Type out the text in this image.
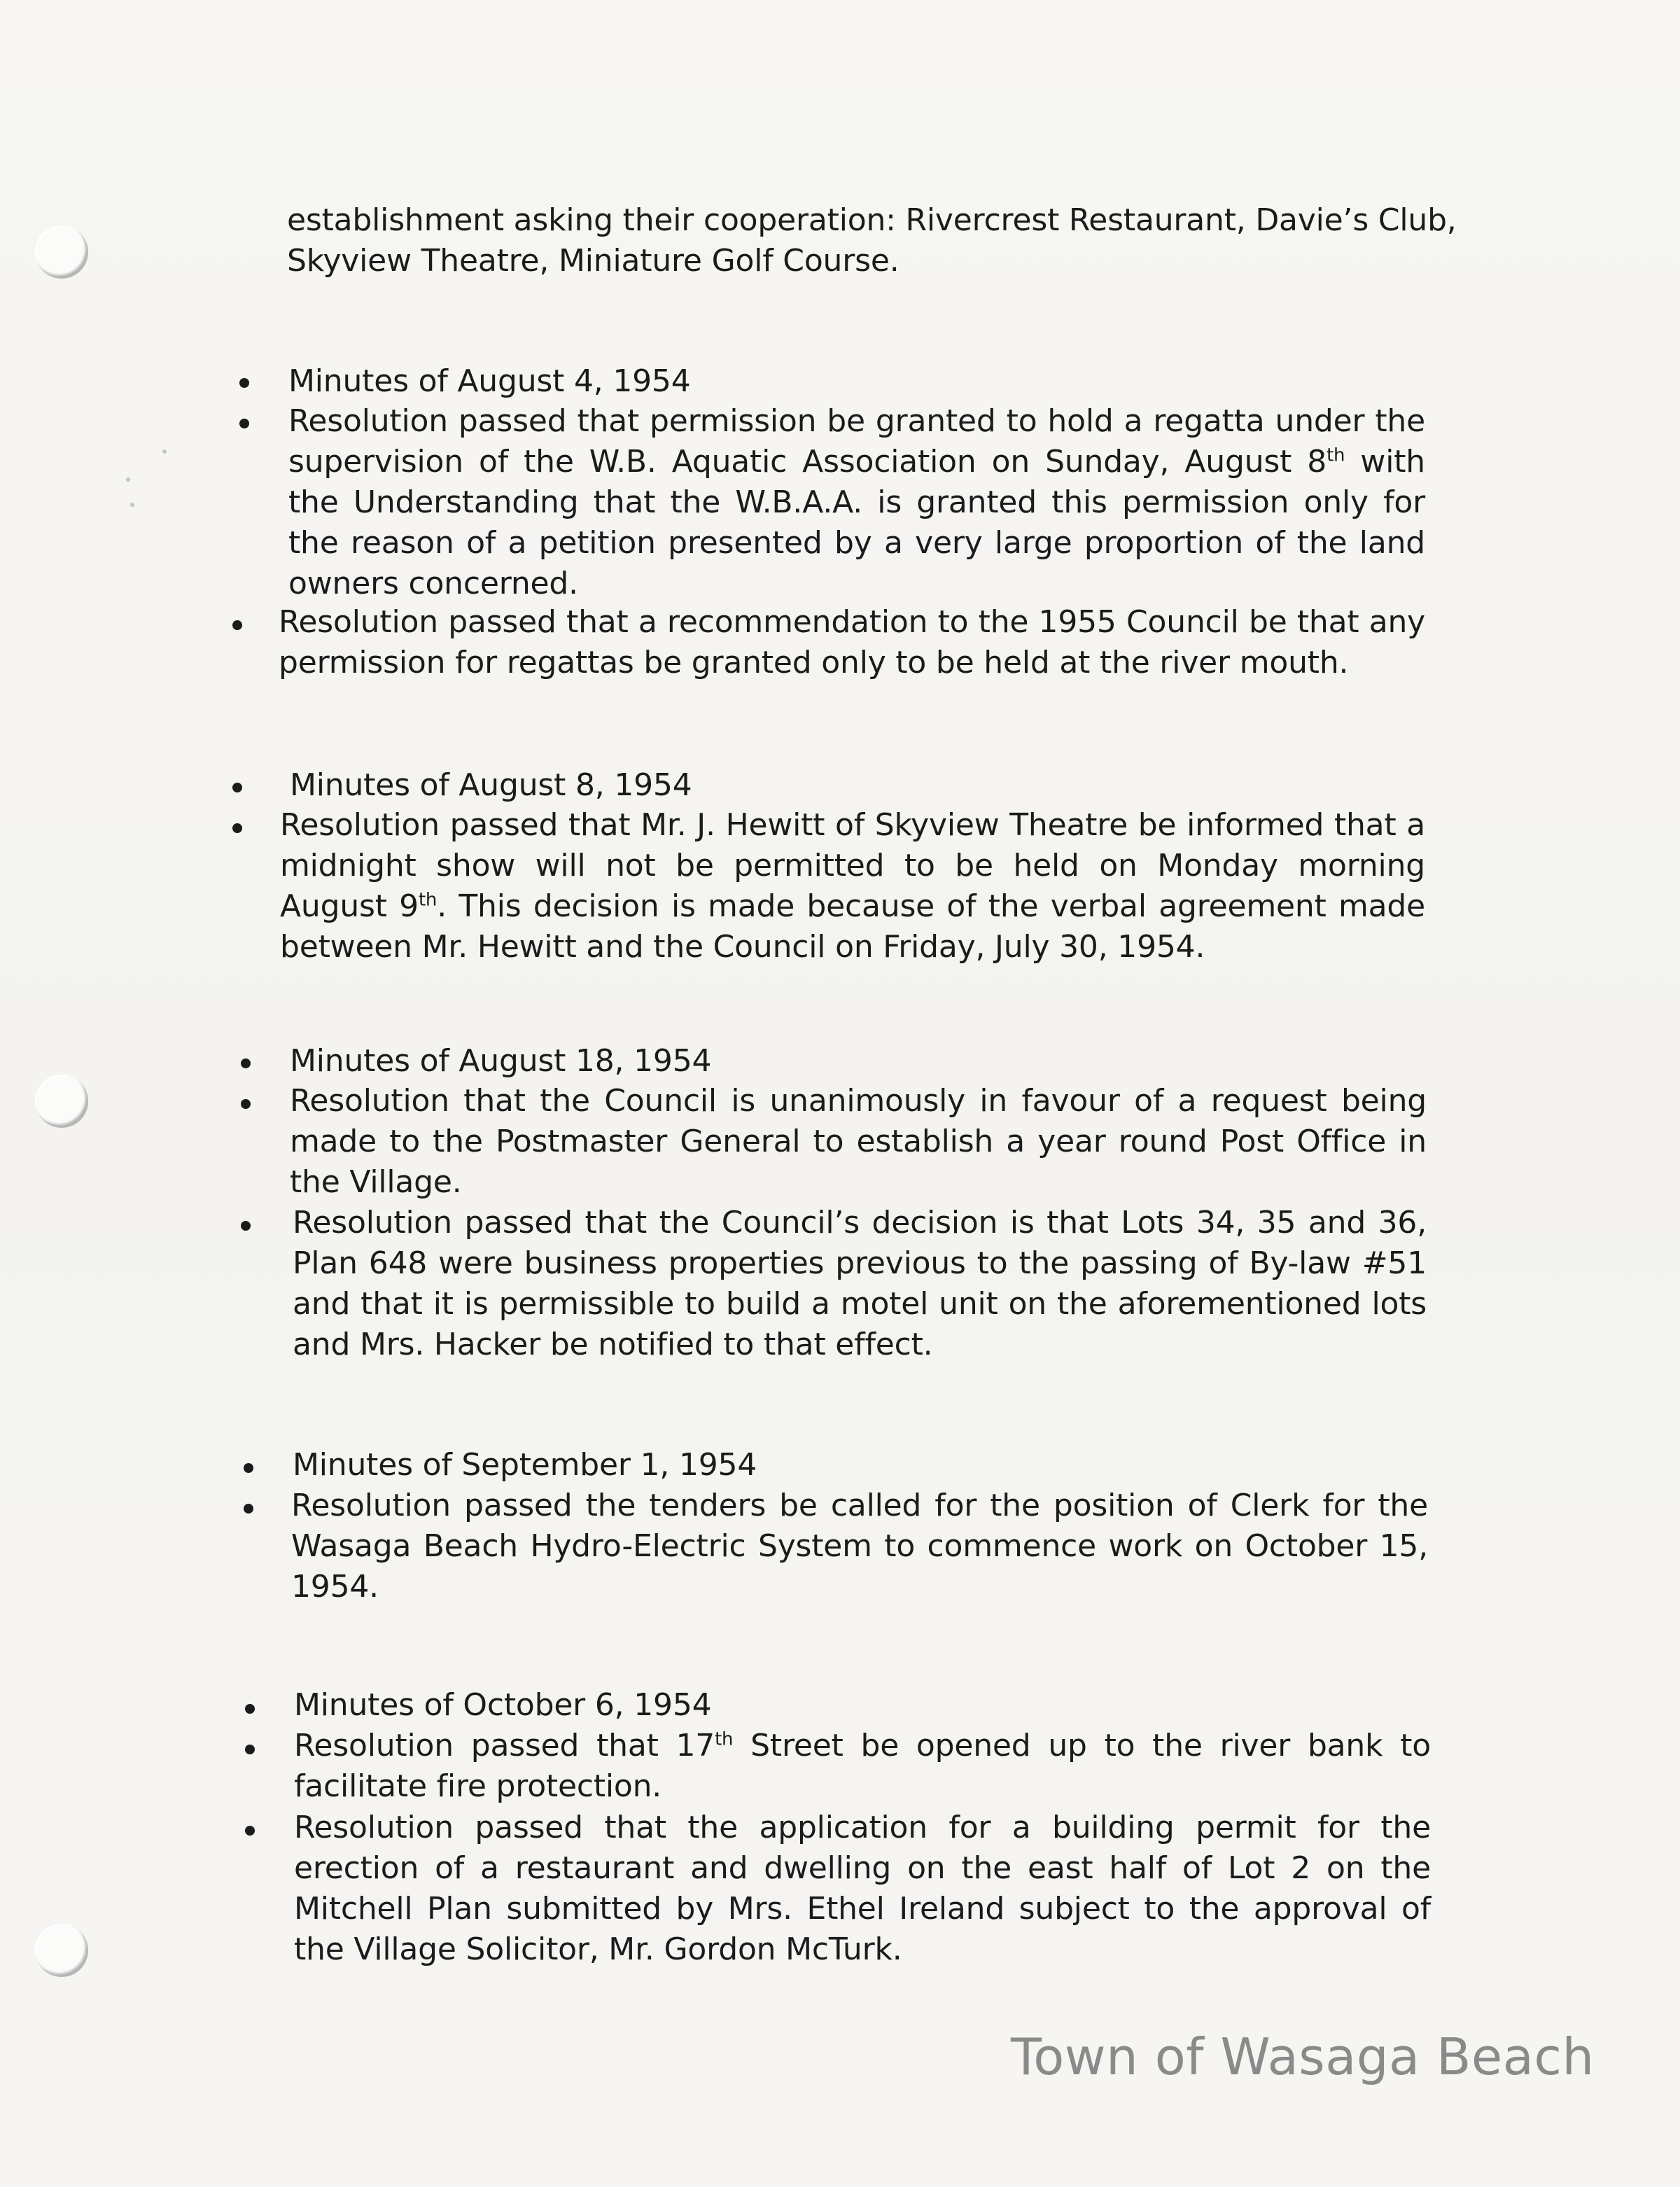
establishment asking their cooperation: Rivercrest Restaurant, Davie’s Club,
Skyview Theatre, Miniature Golf Course.
Minutes of August 4, 1954
Resolution passed that permission be granted to hold a regatta under the supervision of the W.B. Aquatic Association on Sunday, August 8th with the Understanding that the W.B.A.A. is granted this permission only for the reason of a petition presented by a very large proportion of the land owners concerned.
Resolution passed that a recommendation to the 1955 Council be that any permission for regattas be granted only to be held at the river mouth.
Minutes of August 8, 1954
Resolution passed that Mr. J. Hewitt of Skyview Theatre be informed that a midnight show will not be permitted to be held on Monday morning August 9th. This decision is made because of the verbal agreement made between Mr. Hewitt and the Council on Friday, July 30, 1954.
Minutes of August 18, 1954
Resolution that the Council is unanimously in favour of a request being made to the Postmaster General to establish a year round Post Office in the Village.
Resolution passed that the Council’s decision is that Lots 34, 35 and 36, Plan 648 were business properties previous to the passing of By-law #51 and that it is permissible to build a motel unit on the aforementioned lots and Mrs. Hacker be notified to that effect.
Minutes of September 1, 1954
Resolution passed the tenders be called for the position of Clerk for the Wasaga Beach Hydro-Electric System to commence work on October 15, 1954.
Minutes of October 6, 1954
Resolution passed that 17th Street be opened up to the river bank to facilitate fire protection.
Resolution passed that the application for a building permit for the erection of a restaurant and dwelling on the east half of Lot 2 on the Mitchell Plan submitted by Mrs. Ethel Ireland subject to the approval of the Village Solicitor, Mr. Gordon McTurk.
Town of Wasaga Beach
